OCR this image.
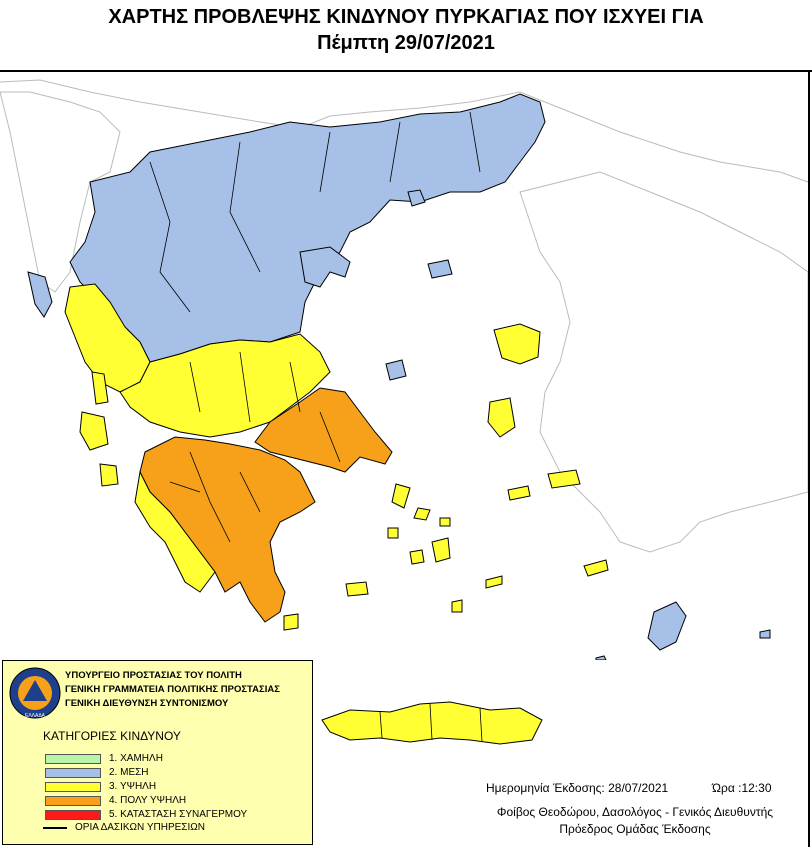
ΧΑΡΤΗΣ ΠΡΟΒΛΕΨΗΣ ΚΙΝΔΥΝΟΥ ΠΥΡΚΑΓΙΑΣ ΠΟΥ ΙΣΧΥΕΙ ΓΙΑ
Πέμπτη 29/07/2021
ΕΛΛΑΔΑ
ΥΠΟΥΡΓΕΙΟ ΠΡΟΣΤΑΣΙΑΣ ΤΟΥ ΠΟΛΙΤΗ
ΓΕΝΙΚΗ ΓΡΑΜΜΑΤΕΙΑ ΠΟΛΙΤΙΚΗΣ ΠΡΟΣΤΑΣΙΑΣ
ΓΕΝΙΚΗ ΔΙΕΥΘΥΝΣΗ ΣΥΝΤΟΝΙΣΜΟΥ
ΚΑΤΗΓΟΡΙΕΣ ΚΙΝΔΥΝΟΥ
1. ΧΑΜΗΛΗ
2. ΜΕΣΗ
3. ΥΨΗΛΗ
4. ΠΟΛΥ ΥΨΗΛΗ
5. ΚΑΤΑΣΤΑΣΗ ΣΥΝΑΓΕΡΜΟΥ
ΟΡΙΑ ΔΑΣΙΚΩΝ ΥΠΗΡΕΣΙΩΝ
Ημερομηνία Έκδοσης: 28/07/2021	Ώρα :12:30
Φοίβος Θεοδώρου, Δασολόγος - Γενικός Διευθυντής
Πρόεδρος Ομάδας Έκδοσης
